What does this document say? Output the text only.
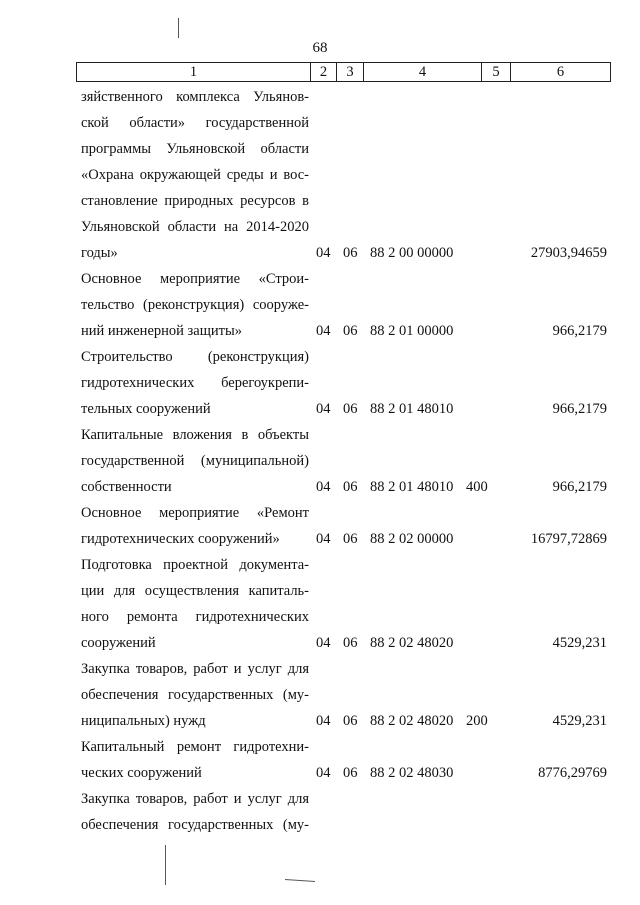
68
1	2	3	4	5	6
зяйственного комплекса Ульянов-
ской области» государственной
программы Ульяновской области
«Охрана окружающей среды и вос-
становление природных ресурсов в
Ульяновской области на 2014-2020
годы»	04 06 88 2 00 00000	27903,94659
Основное мероприятие «Строи-
тельство (реконструкция) сооруже-
ний инженерной защиты»	04 06 88 2 01 00000	966,2179
Строительство (реконструкция)
гидротехнических берегоукрепи-
тельных сооружений	04 06 88 2 01 48010	966,2179
Капитальные вложения в объекты
государственной (муниципальной)
собственности	04 06 88 2 01 48010 400	966,2179
Основное мероприятие «Ремонт
гидротехнических сооружений»	04 06 88 2 02 00000	16797,72869
Подготовка проектной документа-
ции для осуществления капиталь-
ного ремонта гидротехнических
сооружений	04 06 88 2 02 48020	4529,231
Закупка товаров, работ и услуг для
обеспечения государственных (му-
ниципальных) нужд	04 06 88 2 02 48020 200	4529,231
Капитальный ремонт гидротехни-
ческих сооружений	04 06 88 2 02 48030	8776,29769
Закупка товаров, работ и услуг для
обеспечения государственных (му-
